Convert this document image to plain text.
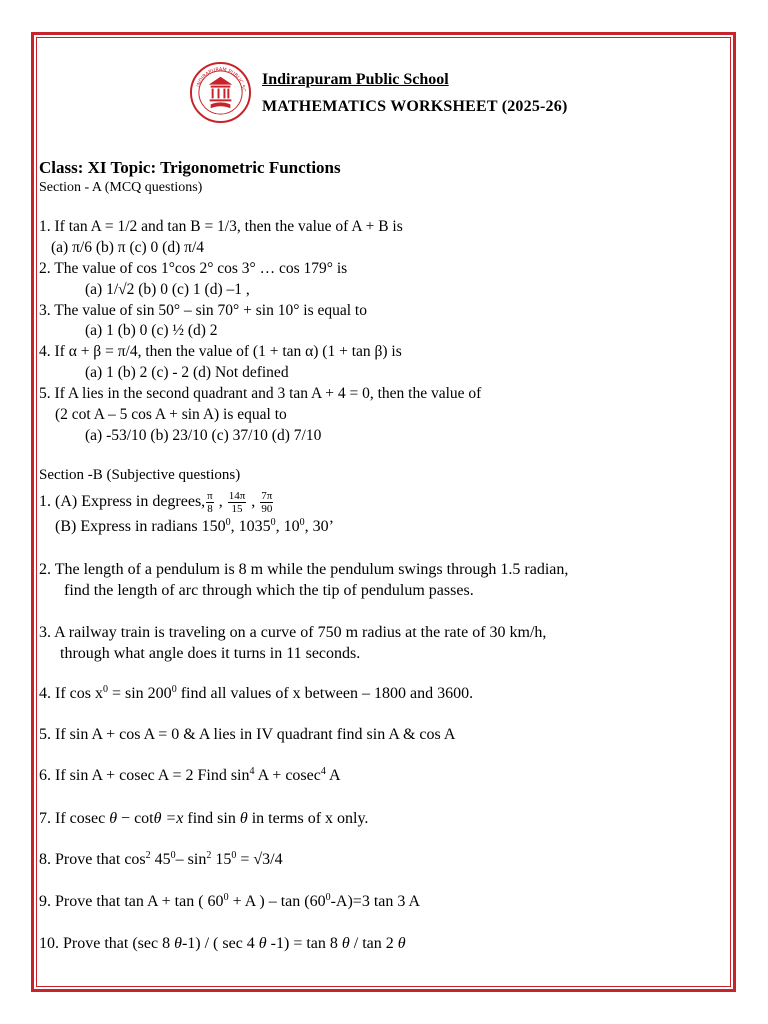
INDIRAPURAM PUBLIC SC
Indirapuram Public School
MATHEMATICS WORKSHEET (2025-26)
Class: XI Topic: Trigonometric Functions
Section - A (MCQ questions)
1. If tan A = 1/2 and tan B = 1/3, then the value of A + B is
(a) π/6 (b) π (c) 0 (d) π/4
2. The value of cos 1°cos 2° cos 3° … cos 179° is
(a) 1/√2 (b) 0 (c) 1 (d) –1 ,
3. The value of sin 50° – sin 70° + sin 10° is equal to
(a) 1 (b) 0 (c) ½ (d) 2
4. If α + β = π/4, then the value of (1 + tan α) (1 + tan β) is
(a) 1 (b) 2 (c) - 2 (d) Not defined
5. If A lies in the second quadrant and 3 tan A + 4 = 0, then the value of
(2 cot A – 5 cos A + sin A) is equal to
(a) -53/10 (b) 23/10 (c) 37/10 (d) 7/10
Section -B (Subjective questions)
1. (A) Express in degrees, $\frac{\pi}{8}$ , $\frac{14\pi}{15}$ , $\frac{7\pi}{90}$
(B) Express in radians $150^0$, 1035$^0$, $10^0$, 30’
2. The length of a pendulum is 8 m while the pendulum swings through 1.5 radian,
find the length of arc through which the tip of pendulum passes.
3. A railway train is traveling on a curve of 750 m radius at the rate of 30 km/h,
through what angle does it turns in 11 seconds.
4. If $\cos x^0 = \sin 200^0$ find all values of x between – 1800 and 3600.
5. If sin A + cos A = 0 & A lies in IV quadrant find sin A & cos A
6. If sin A + cosec A = 2 Find $\sin^4 A + cosec^4$ A
7. If cosec θ − cotθ =x find sin θ in terms of x only.
8. Prove that $\cos^2 45^0-$ $\sin^2 15^0 = √3/4$
9. Prove that tan A + tan ( $60^0 + A$ ) – $\tan (60^0-A)=3$ tan 3 A
10. Prove that (sec 8 θ-1) / ( sec 4 θ -1) = tan 8 θ / tan 2 θ
